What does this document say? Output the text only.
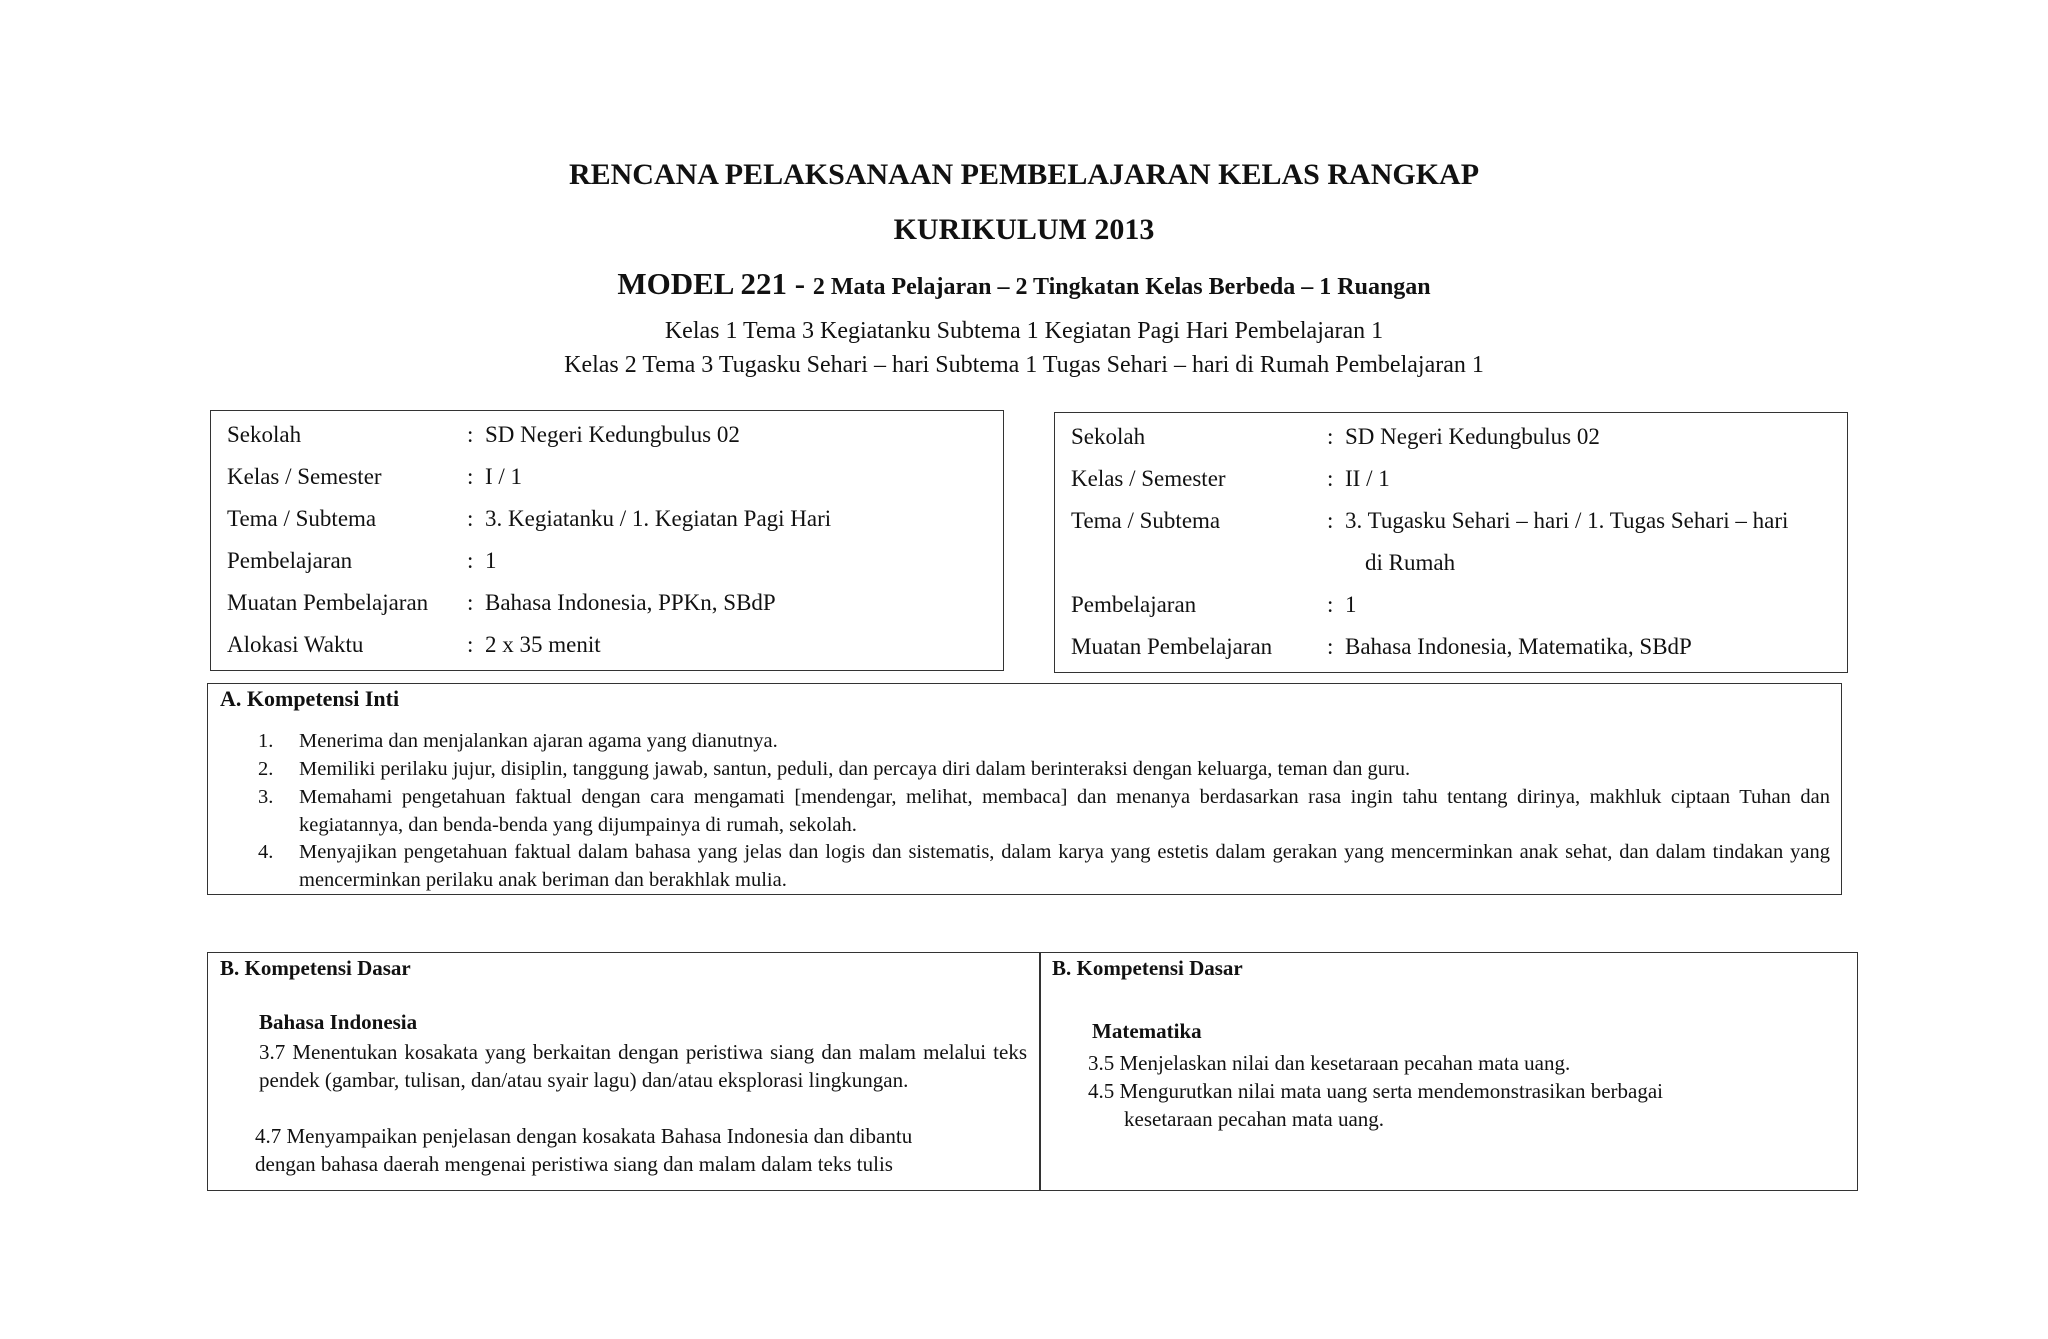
RENCANA PELAKSANAAN PEMBELAJARAN KELAS RANGKAP
KURIKULUM 2013
MODEL 221 - 2 Mata Pelajaran – 2 Tingkatan Kelas Berbeda – 1 Ruangan
Kelas 1 Tema 3 Kegiatanku Subtema 1 Kegiatan Pagi Hari Pembelajaran 1
Kelas 2 Tema 3 Tugasku Sehari – hari Subtema 1 Tugas Sehari – hari di Rumah Pembelajaran 1
Sekolah	: SD Negeri Kedungbulus 02
Kelas / Semester	: I / 1
Tema / Subtema	: 3. Kegiatanku / 1. Kegiatan Pagi Hari
Pembelajaran	: 1
Muatan Pembelajaran : Bahasa Indonesia, PPKn, SBdP
Alokasi Waktu	: 2 x 35 menit
Sekolah	: SD Negeri Kedungbulus 02
Kelas / Semester	: II / 1
Tema / Subtema	: 3. Tugasku Sehari – hari / 1. Tugas Sehari – hari
di Rumah
Pembelajaran	: 1
Muatan Pembelajaran : Bahasa Indonesia, Matematika, SBdP
A. Kompetensi Inti
1. Menerima dan menjalankan ajaran agama yang dianutnya.
2. Memiliki perilaku jujur, disiplin, tanggung jawab, santun, peduli, dan percaya diri dalam berinteraksi dengan keluarga, teman dan guru.
3. Memahami pengetahuan faktual dengan cara mengamati [mendengar, melihat, membaca] dan menanya berdasarkan rasa ingin tahu tentang dirinya, makhluk ciptaan Tuhan dan kegiatannya, dan benda-benda yang dijumpainya di rumah, sekolah.
4. Menyajikan pengetahuan faktual dalam bahasa yang jelas dan logis dan sistematis, dalam karya yang estetis dalam gerakan yang mencerminkan anak sehat, dan dalam tindakan yang mencerminkan perilaku anak beriman dan berakhlak mulia.
B. Kompetensi Dasar
Bahasa Indonesia
3.7 Menentukan kosakata yang berkaitan dengan peristiwa siang dan malam melalui teks pendek (gambar, tulisan, dan/atau syair lagu) dan/atau eksplorasi lingkungan.
4.7 Menyampaikan penjelasan dengan kosakata Bahasa Indonesia dan dibantu
dengan bahasa daerah mengenai peristiwa siang dan malam dalam teks tulis
B. Kompetensi Dasar
Matematika
3.5 Menjelaskan nilai dan kesetaraan pecahan mata uang.
4.5 Mengurutkan nilai mata uang serta mendemonstrasikan berbagai
kesetaraan pecahan mata uang.
